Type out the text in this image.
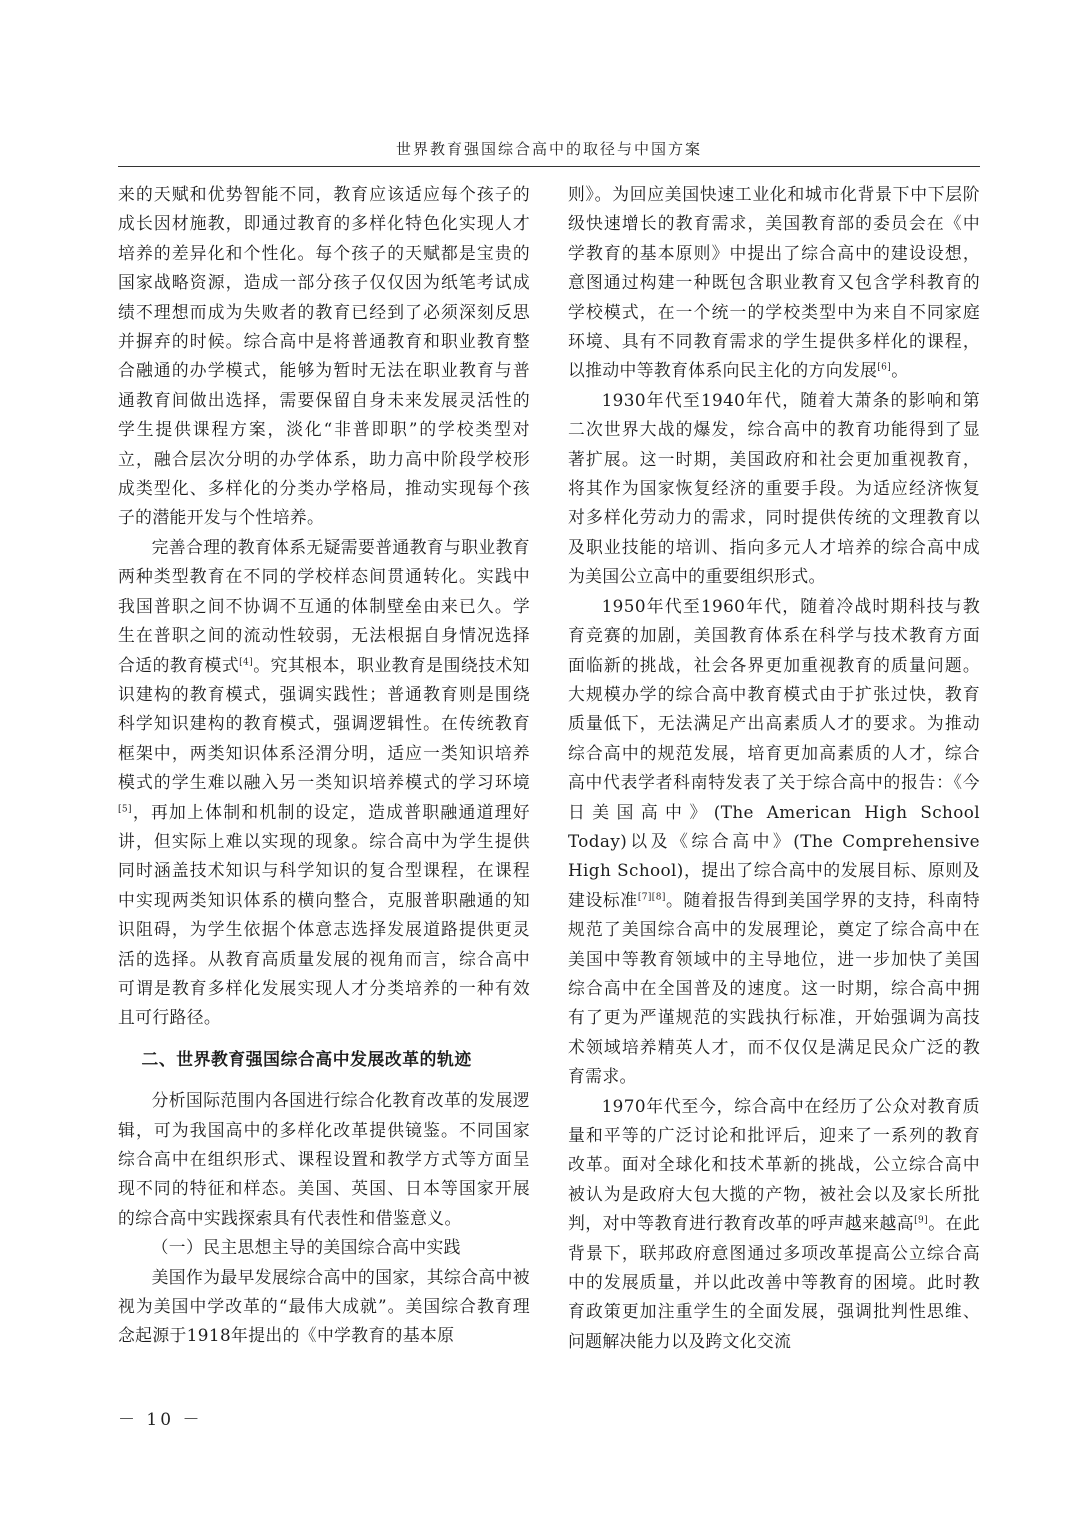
世界教育强国综合高中的取径与中国方案

来的天赋和优势智能不同，教育应该适应每个孩子的成长因材施教，即通过教育的多样化特色化实现人才培养的差异化和个性化。每个孩子的天赋都是宝贵的国家战略资源，造成一部分孩子仅仅因为纸笔考试成绩不理想而成为失败者的教育已经到了必须深刻反思并摒弃的时候。综合高中是将普通教育和职业教育整合融通的办学模式，能够为暂时无法在职业教育与普通教育间做出选择，需要保留自身未来发展灵活性的学生提供课程方案，淡化“非普即职”的学校类型对立，融合层次分明的办学体系，助力高中阶段学校形成类型化、多样化的分类办学格局，推动实现每个孩子的潜能开发与个性培养。

完善合理的教育体系无疑需要普通教育与职业教育两种类型教育在不同的学校样态间贯通转化。实践中我国普职之间不协调不互通的体制壁垒由来已久。学生在普职之间的流动性较弱，无法根据自身情况选择合适的教育模式[4]。究其根本，职业教育是围绕技术知识建构的教育模式，强调实践性；普通教育则是围绕科学知识建构的教育模式，强调逻辑性。在传统教育框架中，两类知识体系泾渭分明，适应一类知识培养模式的学生难以融入另一类知识培养模式的学习环境[5]，再加上体制和机制的设定，造成普职融通道理好讲，但实际上难以实现的现象。综合高中为学生提供同时涵盖技术知识与科学知识的复合型课程，在课程中实现两类知识体系的横向整合，克服普职融通的知识阻碍，为学生依据个体意志选择发展道路提供更灵活的选择。从教育高质量发展的视角而言，综合高中可谓是教育多样化发展实现人才分类培养的一种有效且可行路径。

二、世界教育强国综合高中发展改革的轨迹

分析国际范围内各国进行综合化教育改革的发展逻辑，可为我国高中的多样化改革提供镜鉴。不同国家综合高中在组织形式、课程设置和教学方式等方面呈现不同的特征和样态。美国、英国、日本等国家开展的综合高中实践探索具有代表性和借鉴意义。

（一）民主思想主导的美国综合高中实践

美国作为最早发展综合高中的国家，其综合高中被视为美国中学改革的“最伟大成就”。美国综合教育理念起源于1918年提出的《中学教育的基本原

则》。为回应美国快速工业化和城市化背景下中下层阶级快速增长的教育需求，美国教育部的委员会在《中学教育的基本原则》中提出了综合高中的建设设想，意图通过构建一种既包含职业教育又包含学科教育的学校模式，在一个统一的学校类型中为来自不同家庭环境、具有不同教育需求的学生提供多样化的课程，以推动中等教育体系向民主化的方向发展[6]。

1930年代至1940年代，随着大萧条的影响和第二次世界大战的爆发，综合高中的教育功能得到了显著扩展。这一时期，美国政府和社会更加重视教育，将其作为国家恢复经济的重要手段。为适应经济恢复对多样化劳动力的需求，同时提供传统的文理教育以及职业技能的培训、指向多元人才培养的综合高中成为美国公立高中的重要组织形式。

1950年代至1960年代，随着冷战时期科技与教育竞赛的加剧，美国教育体系在科学与技术教育方面面临新的挑战，社会各界更加重视教育的质量问题。大规模办学的综合高中教育模式由于扩张过快，教育质量低下，无法满足产出高素质人才的要求。为推动综合高中的规范发展，培育更加高素质的人才，综合高中代表学者科南特发表了关于综合高中的报告：《今日美国高中》(The American High School Today)以及《综合高中》(The Comprehensive High School)，提出了综合高中的发展目标、原则及建设标准[7][8]。随着报告得到美国学界的支持，科南特规范了美国综合高中的发展理论，奠定了综合高中在美国中等教育领域中的主导地位，进一步加快了美国综合高中在全国普及的速度。这一时期，综合高中拥有了更为严谨规范的实践执行标准，开始强调为高技术领域培养精英人才，而不仅仅是满足民众广泛的教育需求。

1970年代至今，综合高中在经历了公众对教育质量和平等的广泛讨论和批评后，迎来了一系列的教育改革。面对全球化和技术革新的挑战，公立综合高中被认为是政府大包大揽的产物，被社会以及家长所批判，对中等教育进行教育改革的呼声越来越高[9]。在此背景下，联邦政府意图通过多项改革提高公立综合高中的发展质量，并以此改善中等教育的困境。此时教育政策更加注重学生的全面发展，强调批判性思维、问题解决能力以及跨文化交流

－ 10 －
